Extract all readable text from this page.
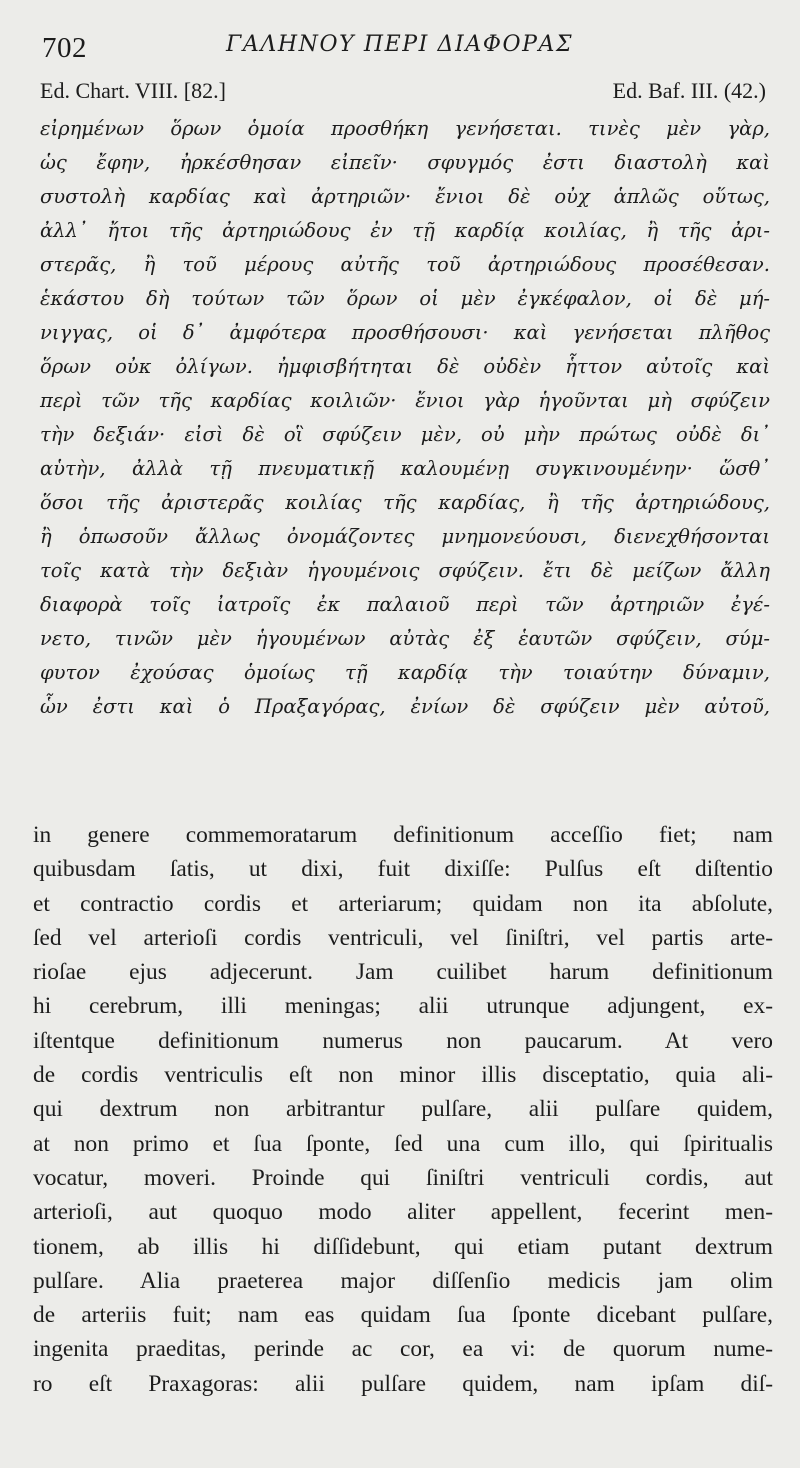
702	ΓΑΛΗΝΟΥ ΠΕΡΙ ΔΙΑΦΟΡΑΣ
Ed. Chart. VIII. [82.]	Ed. Baf. III. (42.)
εἰρημένων ὅρων ὁμοία προσθήκη γενήσεται. τινὲς μὲν γὰρ,
ὡς ἔφην, ἠρκέσθησαν εἰπεῖν· σφυγμός ἐστι διαστολὴ καὶ
συστολὴ καρδίας καὶ ἀρτηριῶν· ἔνιοι δὲ οὐχ ἁπλῶς οὕτως,
ἀλλ᾽ ἤτοι τῆς ἀρτηριώδους ἐν τῇ καρδίᾳ κοιλίας, ἢ τῆς ἀρι-
στερᾶς, ἢ τοῦ μέρους αὐτῆς τοῦ ἀρτηριώδους προσέθεσαν.
ἑκάστου δὴ τούτων τῶν ὅρων οἱ μὲν ἐγκέφαλον, οἱ δὲ μή-
νιγγας, οἱ δ᾽ ἀμφότερα προσθήσουσι· καὶ γενήσεται πλῆθος
ὅρων οὐκ ὀλίγων. ἠμφισβήτηται δὲ οὐδὲν ἧττον αὐτοῖς καὶ
περὶ τῶν τῆς καρδίας κοιλιῶν· ἔνιοι γὰρ ἡγοῦνται μὴ σφύζειν
τὴν δεξιάν· εἰσὶ δὲ οἳ σφύζειν μὲν, οὐ μὴν πρώτως οὐδὲ δι᾽
αὑτὴν, ἀλλὰ τῇ πνευματικῇ καλουμένῃ συγκινουμένην· ὥσθ᾽
ὅσοι τῆς ἀριστερᾶς κοιλίας τῆς καρδίας, ἢ τῆς ἀρτηριώδους,
ἢ ὁπωσοῦν ἄλλως ὀνομάζοντες μνημονεύουσι, διενεχθήσονται
τοῖς κατὰ τὴν δεξιὰν ἡγουμένοις σφύζειν. ἔτι δὲ μείζων ἄλλη
διαφορὰ τοῖς ἰατροῖς ἐκ παλαιοῦ περὶ τῶν ἀρτηριῶν ἐγέ-
νετο, τινῶν μὲν ἡγουμένων αὐτὰς ἐξ ἑαυτῶν σφύζειν, σύμ-
φυτον ἐχούσας ὁμοίως τῇ καρδίᾳ τὴν τοιαύτην δύναμιν,
ὧν ἐστι καὶ ὁ Πραξαγόρας, ἐνίων δὲ σφύζειν μὲν αὐτοῦ,
in genere commemoratarum definitionum acceſſio fiet; nam
quibusdam ſatis, ut dixi, fuit dixiſſe: Pulſus eſt diſtentio
et contractio cordis et arteriarum; quidam non ita abſolute,
ſed vel arterioſi cordis ventriculi, vel ſiniſtri, vel partis arte-
rioſae ejus adjecerunt. Jam cuilibet harum definitionum
hi cerebrum, illi meningas; alii utrunque adjungent, ex-
iſtentque definitionum numerus non paucarum. At vero
de cordis ventriculis eſt non minor illis disceptatio, quia ali-
qui dextrum non arbitrantur pulſare, alii pulſare quidem,
at non primo et ſua ſponte, ſed una cum illo, qui ſpiritualis
vocatur, moveri. Proinde qui ſiniſtri ventriculi cordis, aut
arterioſi, aut quoquo modo aliter appellent, fecerint men-
tionem, ab illis hi diſſidebunt, qui etiam putant dextrum
pulſare. Alia praeterea major diſſenſio medicis jam olim
de arteriis fuit; nam eas quidam ſua ſponte dicebant pulſare,
ingenita praeditas, perinde ac cor, ea vi: de quorum nume-
ro eſt Praxagoras: alii pulſare quidem, nam ipſam diſ-
